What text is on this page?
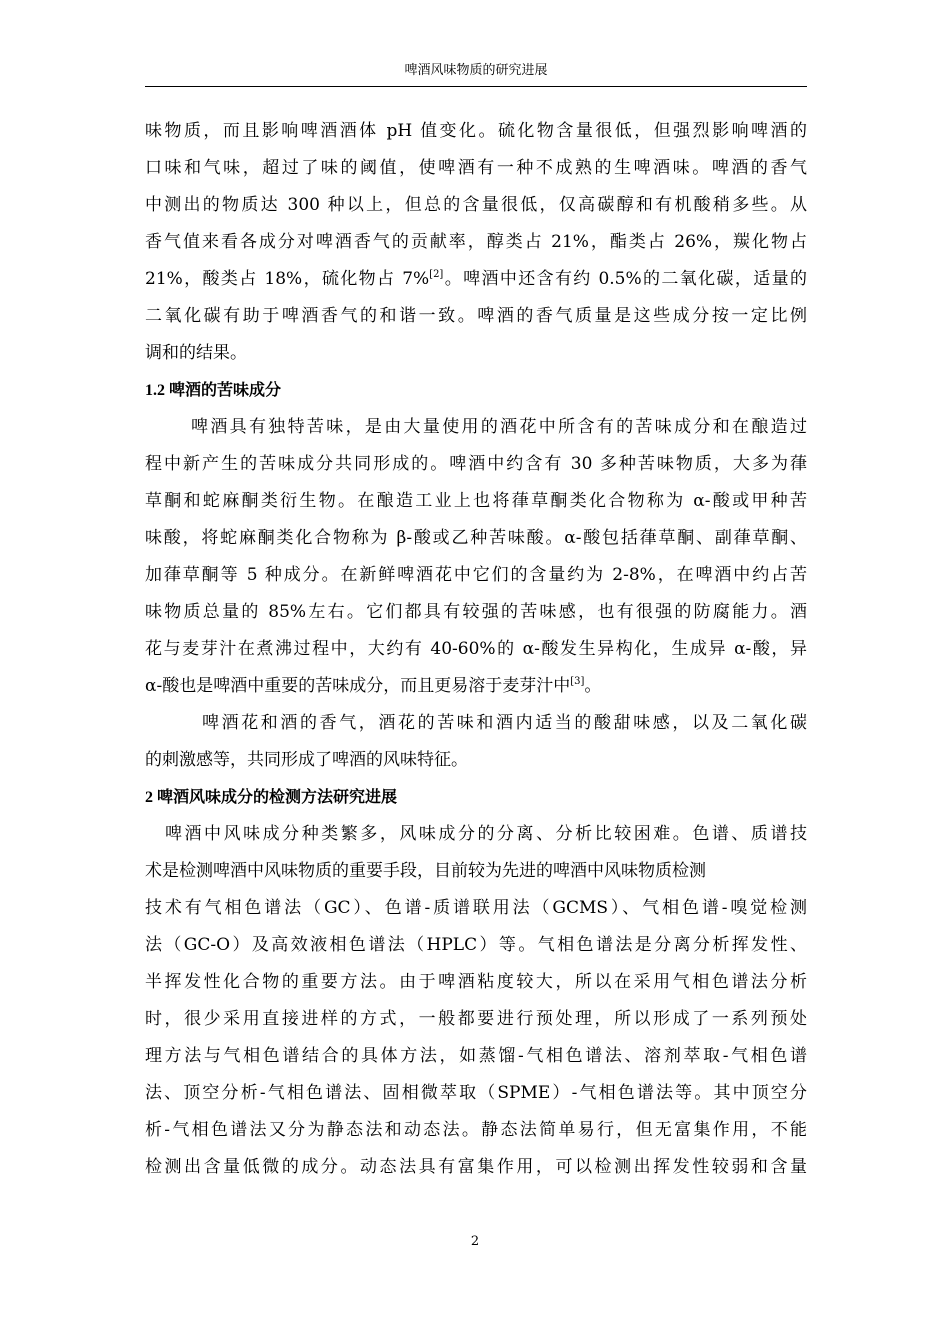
啤酒风味物质的研究进展
味物质，而且影响啤酒酒体 pH 值变化。硫化物含量很低，但强烈影响啤酒的
口味和气味，超过了味的阈值，使啤酒有一种不成熟的生啤酒味。啤酒的香气
中测出的物质达 300 种以上，但总的含量很低，仅高碳醇和有机酸稍多些。从
香气值来看各成分对啤酒香气的贡献率，醇类占 21%，酯类占 26%，羰化物占
21%，酸类占 18%，硫化物占 7%[2]。啤酒中还含有约 0.5%的二氧化碳，适量的
二氧化碳有助于啤酒香气的和谐一致。啤酒的香气质量是这些成分按一定比例
调和的结果。
1.2 啤酒的苦味成分
啤酒具有独特苦味，是由大量使用的酒花中所含有的苦味成分和在酿造过
程中新产生的苦味成分共同形成的。啤酒中约含有 30 多种苦味物质，大多为葎
草酮和蛇麻酮类衍生物。在酿造工业上也将葎草酮类化合物称为 α-酸或甲种苦
味酸，将蛇麻酮类化合物称为 β-酸或乙种苦味酸。α-酸包括葎草酮、副葎草酮、
加葎草酮等 5 种成分。在新鲜啤酒花中它们的含量约为 2-8%，在啤酒中约占苦
味物质总量的 85%左右。它们都具有较强的苦味感，也有很强的防腐能力。酒
花与麦芽汁在煮沸过程中，大约有 40-60%的 α-酸发生异构化，生成异 α-酸，异
α-酸也是啤酒中重要的苦味成分，而且更易溶于麦芽汁中[3]。
啤酒花和酒的香气，酒花的苦味和酒内适当的酸甜味感，以及二氧化碳
的刺激感等，共同形成了啤酒的风味特征。
2 啤酒风味成分的检测方法研究进展
啤酒中风味成分种类繁多，风味成分的分离、分析比较困难。色谱、质谱技
术是检测啤酒中风味物质的重要手段，目前较为先进的啤酒中风味物质检测
技术有气相色谱法（GC）、色谱-质谱联用法（GCMS）、气相色谱-嗅觉检测
法（GC-O）及高效液相色谱法（HPLC）等。气相色谱法是分离分析挥发性、
半挥发性化合物的重要方法。由于啤酒粘度较大，所以在采用气相色谱法分析
时，很少采用直接进样的方式，一般都要进行预处理，所以形成了一系列预处
理方法与气相色谱结合的具体方法，如蒸馏-气相色谱法、溶剂萃取-气相色谱
法、顶空分析-气相色谱法、固相微萃取（SPME）-气相色谱法等。其中顶空分
析-气相色谱法又分为静态法和动态法。静态法简单易行，但无富集作用，不能
检测出含量低微的成分。动态法具有富集作用，可以检测出挥发性较弱和含量
2
